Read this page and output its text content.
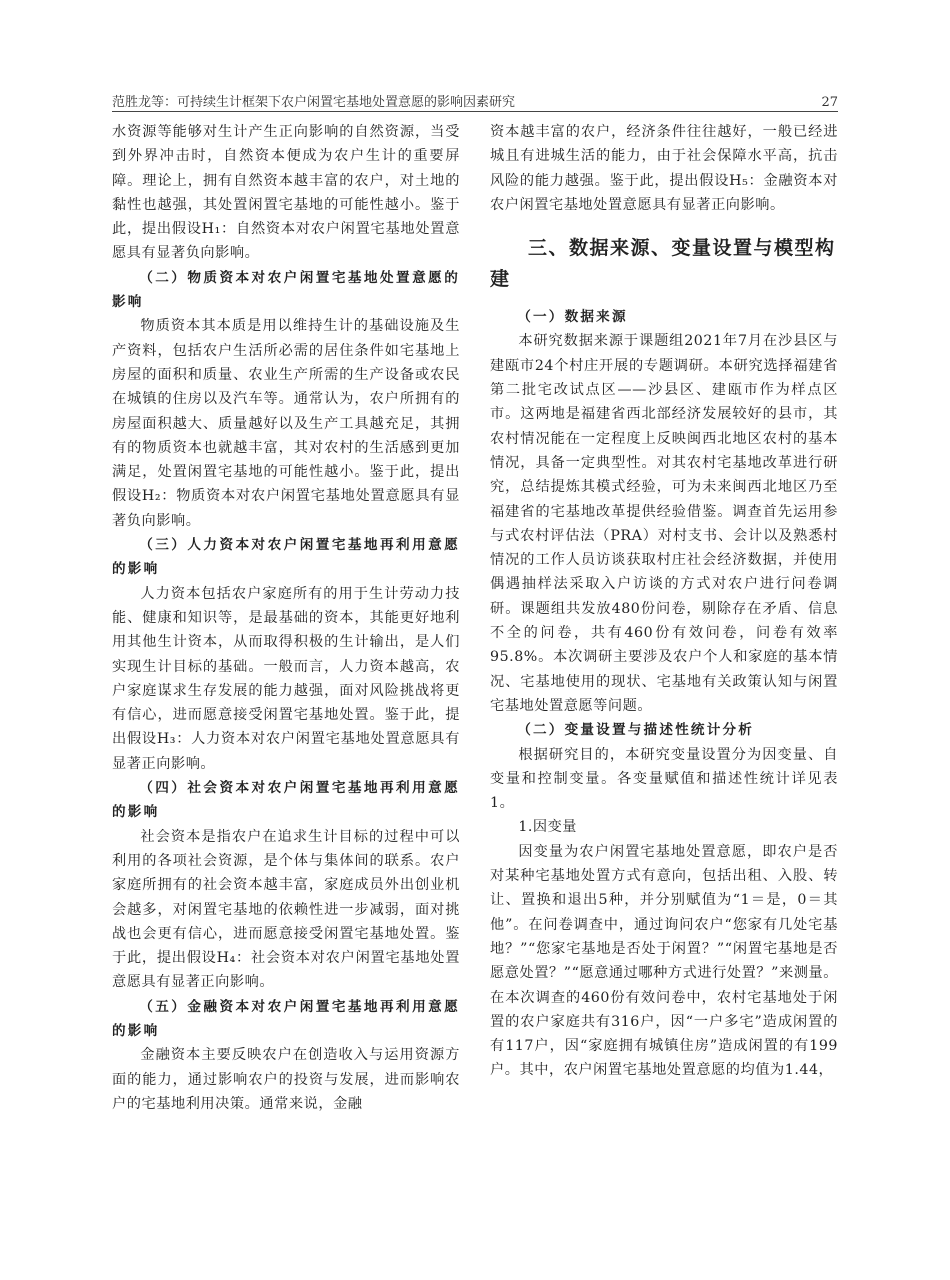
范胜龙等：可持续生计框架下农户闲置宅基地处置意愿的影响因素研究	27

水资源等能够对生计产生正向影响的自然资源，当受到外界冲击时，自然资本便成为农户生计的重要屏障。理论上，拥有自然资本越丰富的农户，对土地的黏性也越强，其处置闲置宅基地的可能性越小。鉴于此，提出假设H₁：自然资本对农户闲置宅基地处置意愿具有显著负向影响。

（二）物质资本对农户闲置宅基地处置意愿的影响

物质资本其本质是用以维持生计的基础设施及生产资料，包括农户生活所必需的居住条件如宅基地上房屋的面积和质量、农业生产所需的生产设备或农民在城镇的住房以及汽车等。通常认为，农户所拥有的房屋面积越大、质量越好以及生产工具越充足，其拥有的物质资本也就越丰富，其对农村的生活感到更加满足，处置闲置宅基地的可能性越小。鉴于此，提出假设H₂：物质资本对农户闲置宅基地处置意愿具有显著负向影响。

（三）人力资本对农户闲置宅基地再利用意愿的影响

人力资本包括农户家庭所有的用于生计劳动力技能、健康和知识等，是最基础的资本，其能更好地利用其他生计资本，从而取得积极的生计输出，是人们实现生计目标的基础。一般而言，人力资本越高，农户家庭谋求生存发展的能力越强，面对风险挑战将更有信心，进而愿意接受闲置宅基地处置。鉴于此，提出假设H₃：人力资本对农户闲置宅基地处置意愿具有显著正向影响。

（四）社会资本对农户闲置宅基地再利用意愿的影响

社会资本是指农户在追求生计目标的过程中可以利用的各项社会资源，是个体与集体间的联系。农户家庭所拥有的社会资本越丰富，家庭成员外出创业机会越多，对闲置宅基地的依赖性进一步减弱，面对挑战也会更有信心，进而愿意接受闲置宅基地处置。鉴于此，提出假设H₄：社会资本对农户闲置宅基地处置意愿具有显著正向影响。

（五）金融资本对农户闲置宅基地再利用意愿的影响

金融资本主要反映农户在创造收入与运用资源方面的能力，通过影响农户的投资与发展，进而影响农户的宅基地利用决策。通常来说，金融

资本越丰富的农户，经济条件往往越好，一般已经进城且有进城生活的能力，由于社会保障水平高，抗击风险的能力越强。鉴于此，提出假设H₅：金融资本对农户闲置宅基地处置意愿具有显著正向影响。

三、数据来源、变量设置与模型构建

（一）数据来源

本研究数据来源于课题组2021年7月在沙县区与建瓯市24个村庄开展的专题调研。本研究选择福建省第二批宅改试点区——沙县区、建瓯市作为样点区市。这两地是福建省西北部经济发展较好的县市，其农村情况能在一定程度上反映闽西北地区农村的基本情况，具备一定典型性。对其农村宅基地改革进行研究，总结提炼其模式经验，可为未来闽西北地区乃至福建省的宅基地改革提供经验借鉴。调查首先运用参与式农村评估法（PRA）对村支书、会计以及熟悉村情况的工作人员访谈获取村庄社会经济数据，并使用偶遇抽样法采取入户访谈的方式对农户进行问卷调研。课题组共发放480份问卷，剔除存在矛盾、信息不全的问卷，共有460份有效问卷，问卷有效率95.8%。本次调研主要涉及农户个人和家庭的基本情况、宅基地使用的现状、宅基地有关政策认知与闲置宅基地处置意愿等问题。

（二）变量设置与描述性统计分析

根据研究目的，本研究变量设置分为因变量、自变量和控制变量。各变量赋值和描述性统计详见表1。

1.因变量

因变量为农户闲置宅基地处置意愿，即农户是否对某种宅基地处置方式有意向，包括出租、入股、转让、置换和退出5种，并分别赋值为“1＝是，0＝其他”。在问卷调查中，通过询问农户“您家有几处宅基地？”“您家宅基地是否处于闲置？”“闲置宅基地是否愿意处置？”“愿意通过哪种方式进行处置？”来测量。在本次调查的460份有效问卷中，农村宅基地处于闲置的农户家庭共有316户，因“一户多宅”造成闲置的有117户，因“家庭拥有城镇住房”造成闲置的有199户。其中，农户闲置宅基地处置意愿的均值为1.44，
